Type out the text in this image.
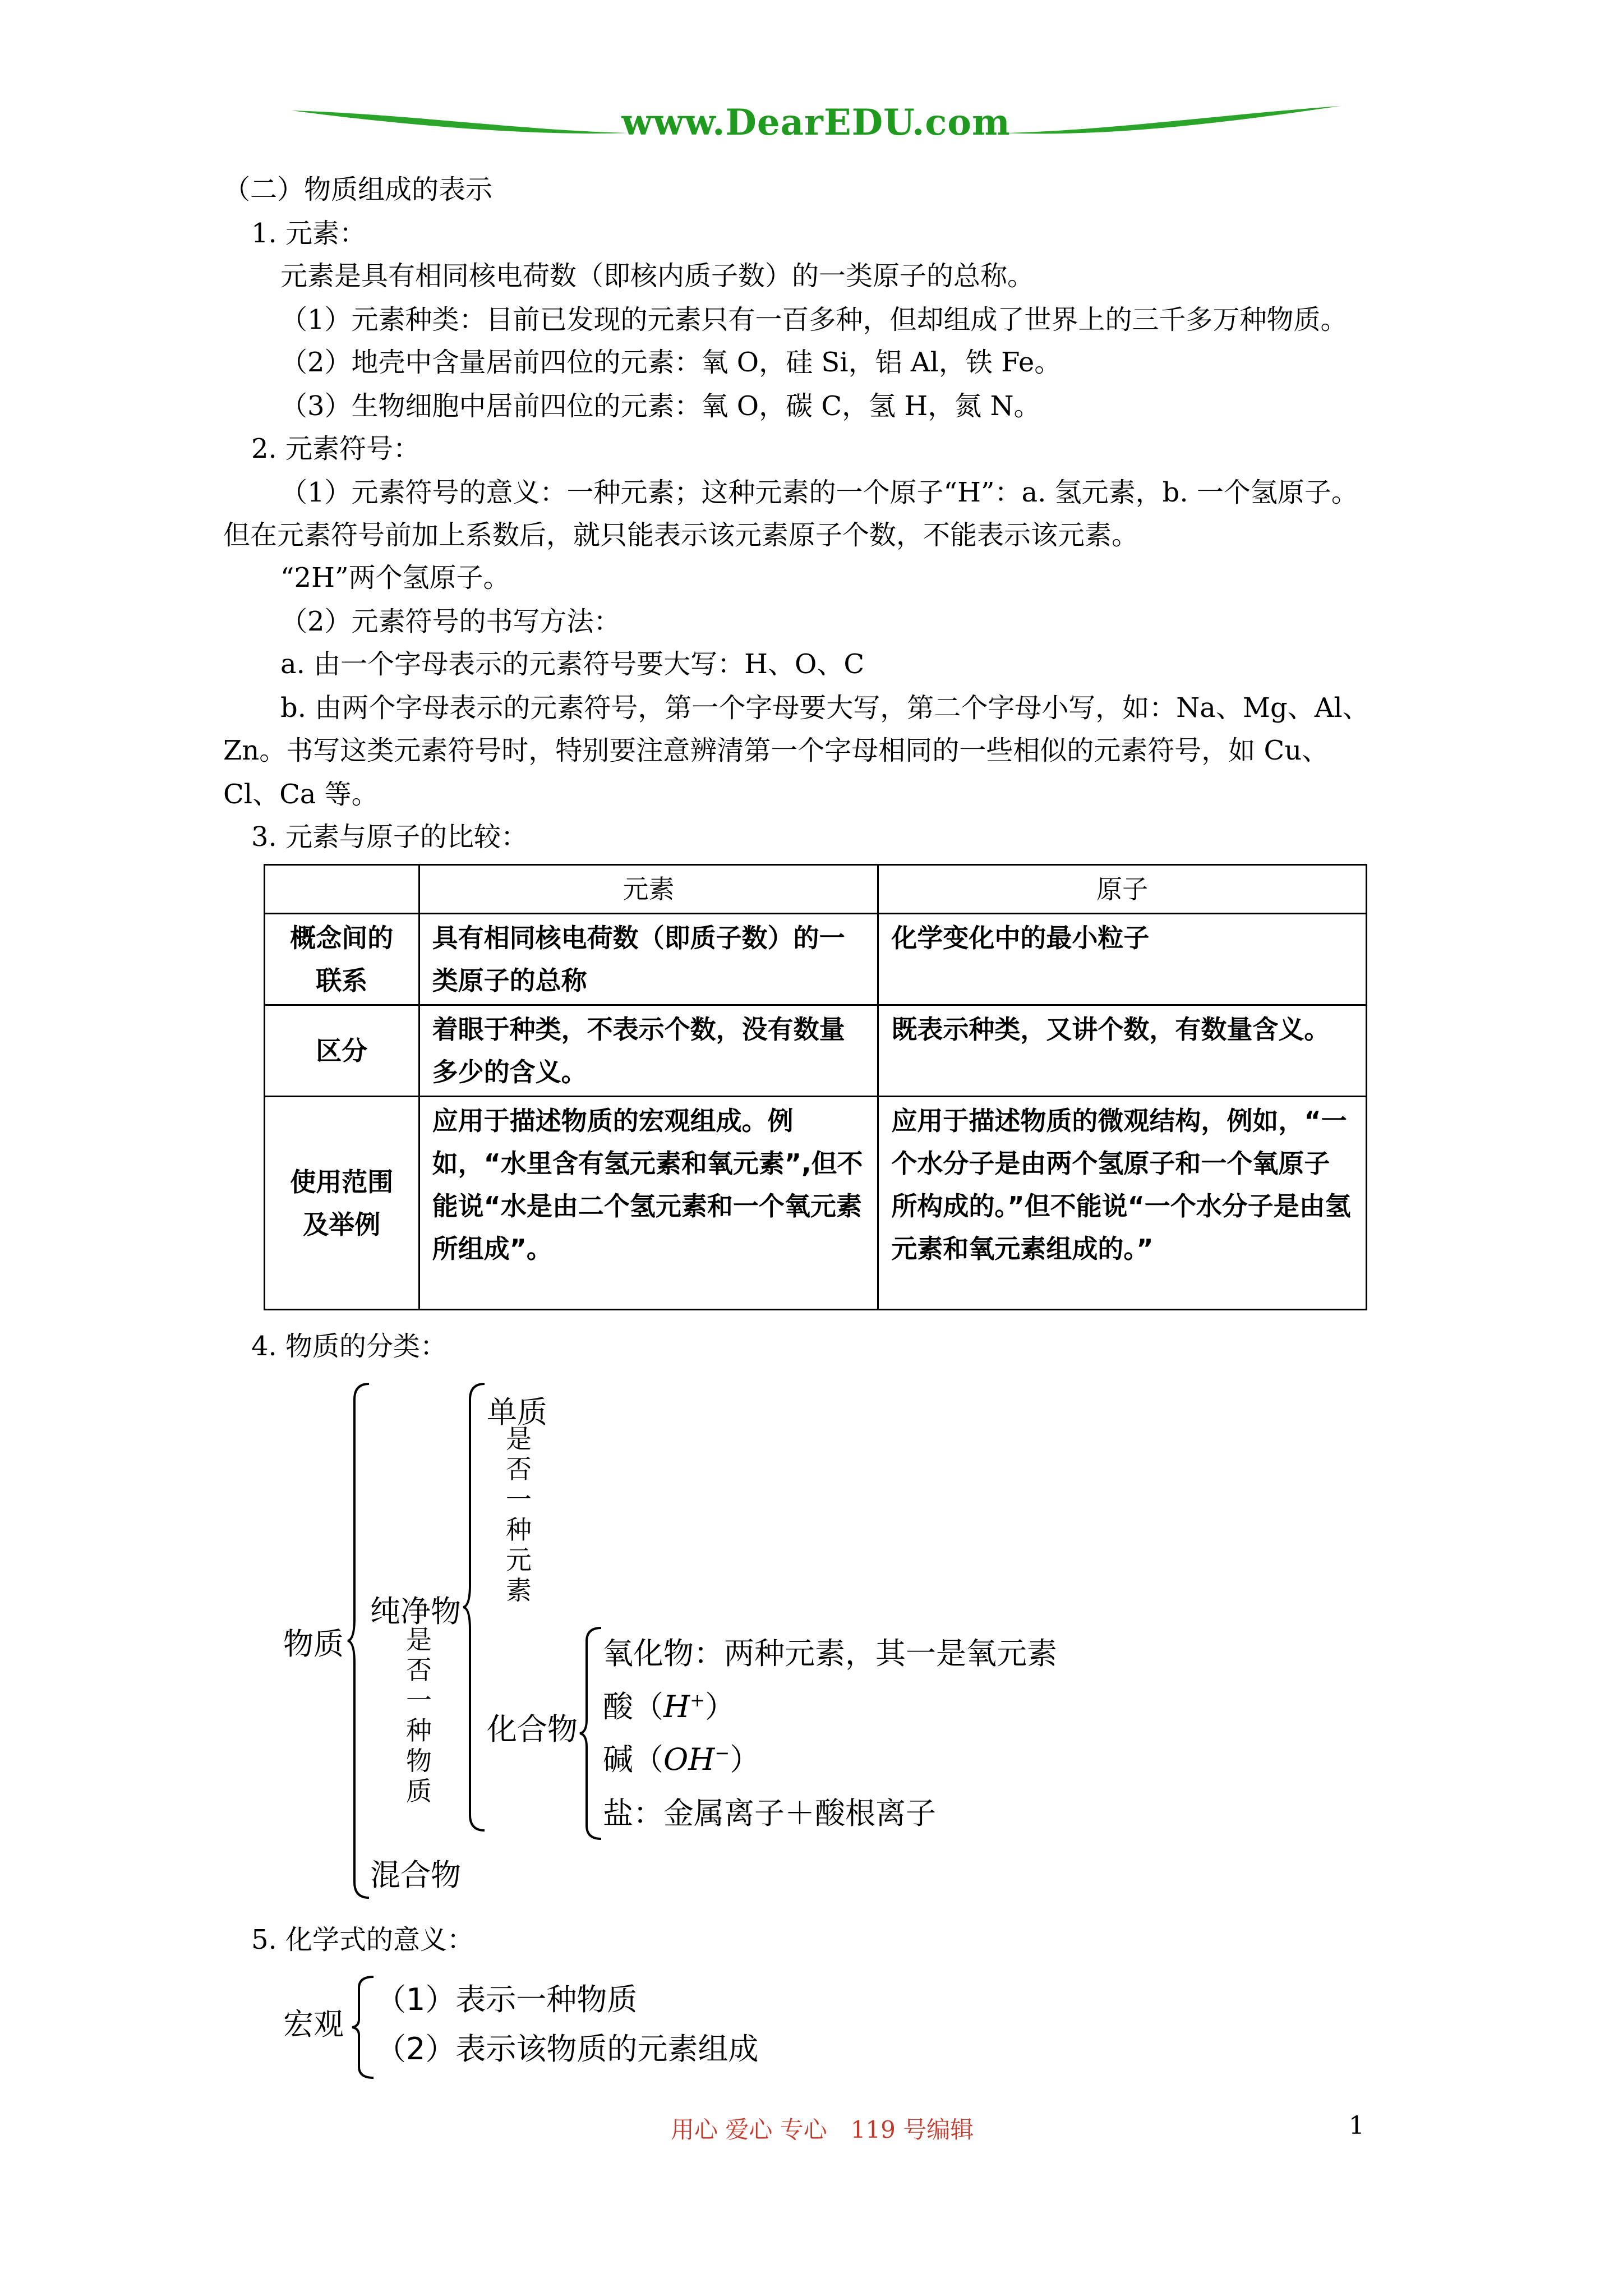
www.DearEDU.com
（二）物质组成的表示
1. 元素：
元素是具有相同核电荷数（即核内质子数）的一类原子的总称。
（1）元素种类：目前已发现的元素只有一百多种，但却组成了世界上的三千多万种物质。
（2）地壳中含量居前四位的元素：氧 O，硅 Si，铝 Al，铁 Fe。
（3）生物细胞中居前四位的元素：氧 O，碳 C，氢 H，氮 N。
2. 元素符号：
（1）元素符号的意义：一种元素；这种元素的一个原子“H”：a. 氢元素，b. 一个氢原子。
但在元素符号前加上系数后，就只能表示该元素原子个数，不能表示该元素。
“2H”两个氢原子。
（2）元素符号的书写方法：
a. 由一个字母表示的元素符号要大写：H、O、C
b. 由两个字母表示的元素符号，第一个字母要大写，第二个字母小写，如：Na、Mg、Al、
Zn。书写这类元素符号时，特别要注意辨清第一个字母相同的一些相似的元素符号，如 Cu、
Cl、Ca 等。
3. 元素与原子的比较：
	元素	原子
概念间的联系	具有相同核电荷数（即质子数）的一类原子的总称	化学变化中的最小粒子
区分	着眼于种类，不表示个数，没有数量多少的含义。	既表示种类，又讲个数，有数量含义。
使用范围及举例	应用于描述物质的宏观组成。例如，“水里含有氢元素和氧元素”,但不能说“水是由二个氢元素和一个氧元素所组成”。	应用于描述物质的微观结构，例如，“一个水分子是由两个氢原子和一个氧原子所构成的。”但不能说“一个水分子是由氢元素和氧元素组成的。”
4. 物质的分类：
物质
纯净物
是否一种物质
混合物
单质
是否一种元素
化合物
氧化物：两种元素，其一是氧元素
酸（H+）
碱（OH−）
盐：金属离子＋酸根离子
5. 化学式的意义：
宏观
（1）表示一种物质
（2）表示该物质的元素组成
用心 爱心 专心　119 号编辑	1
